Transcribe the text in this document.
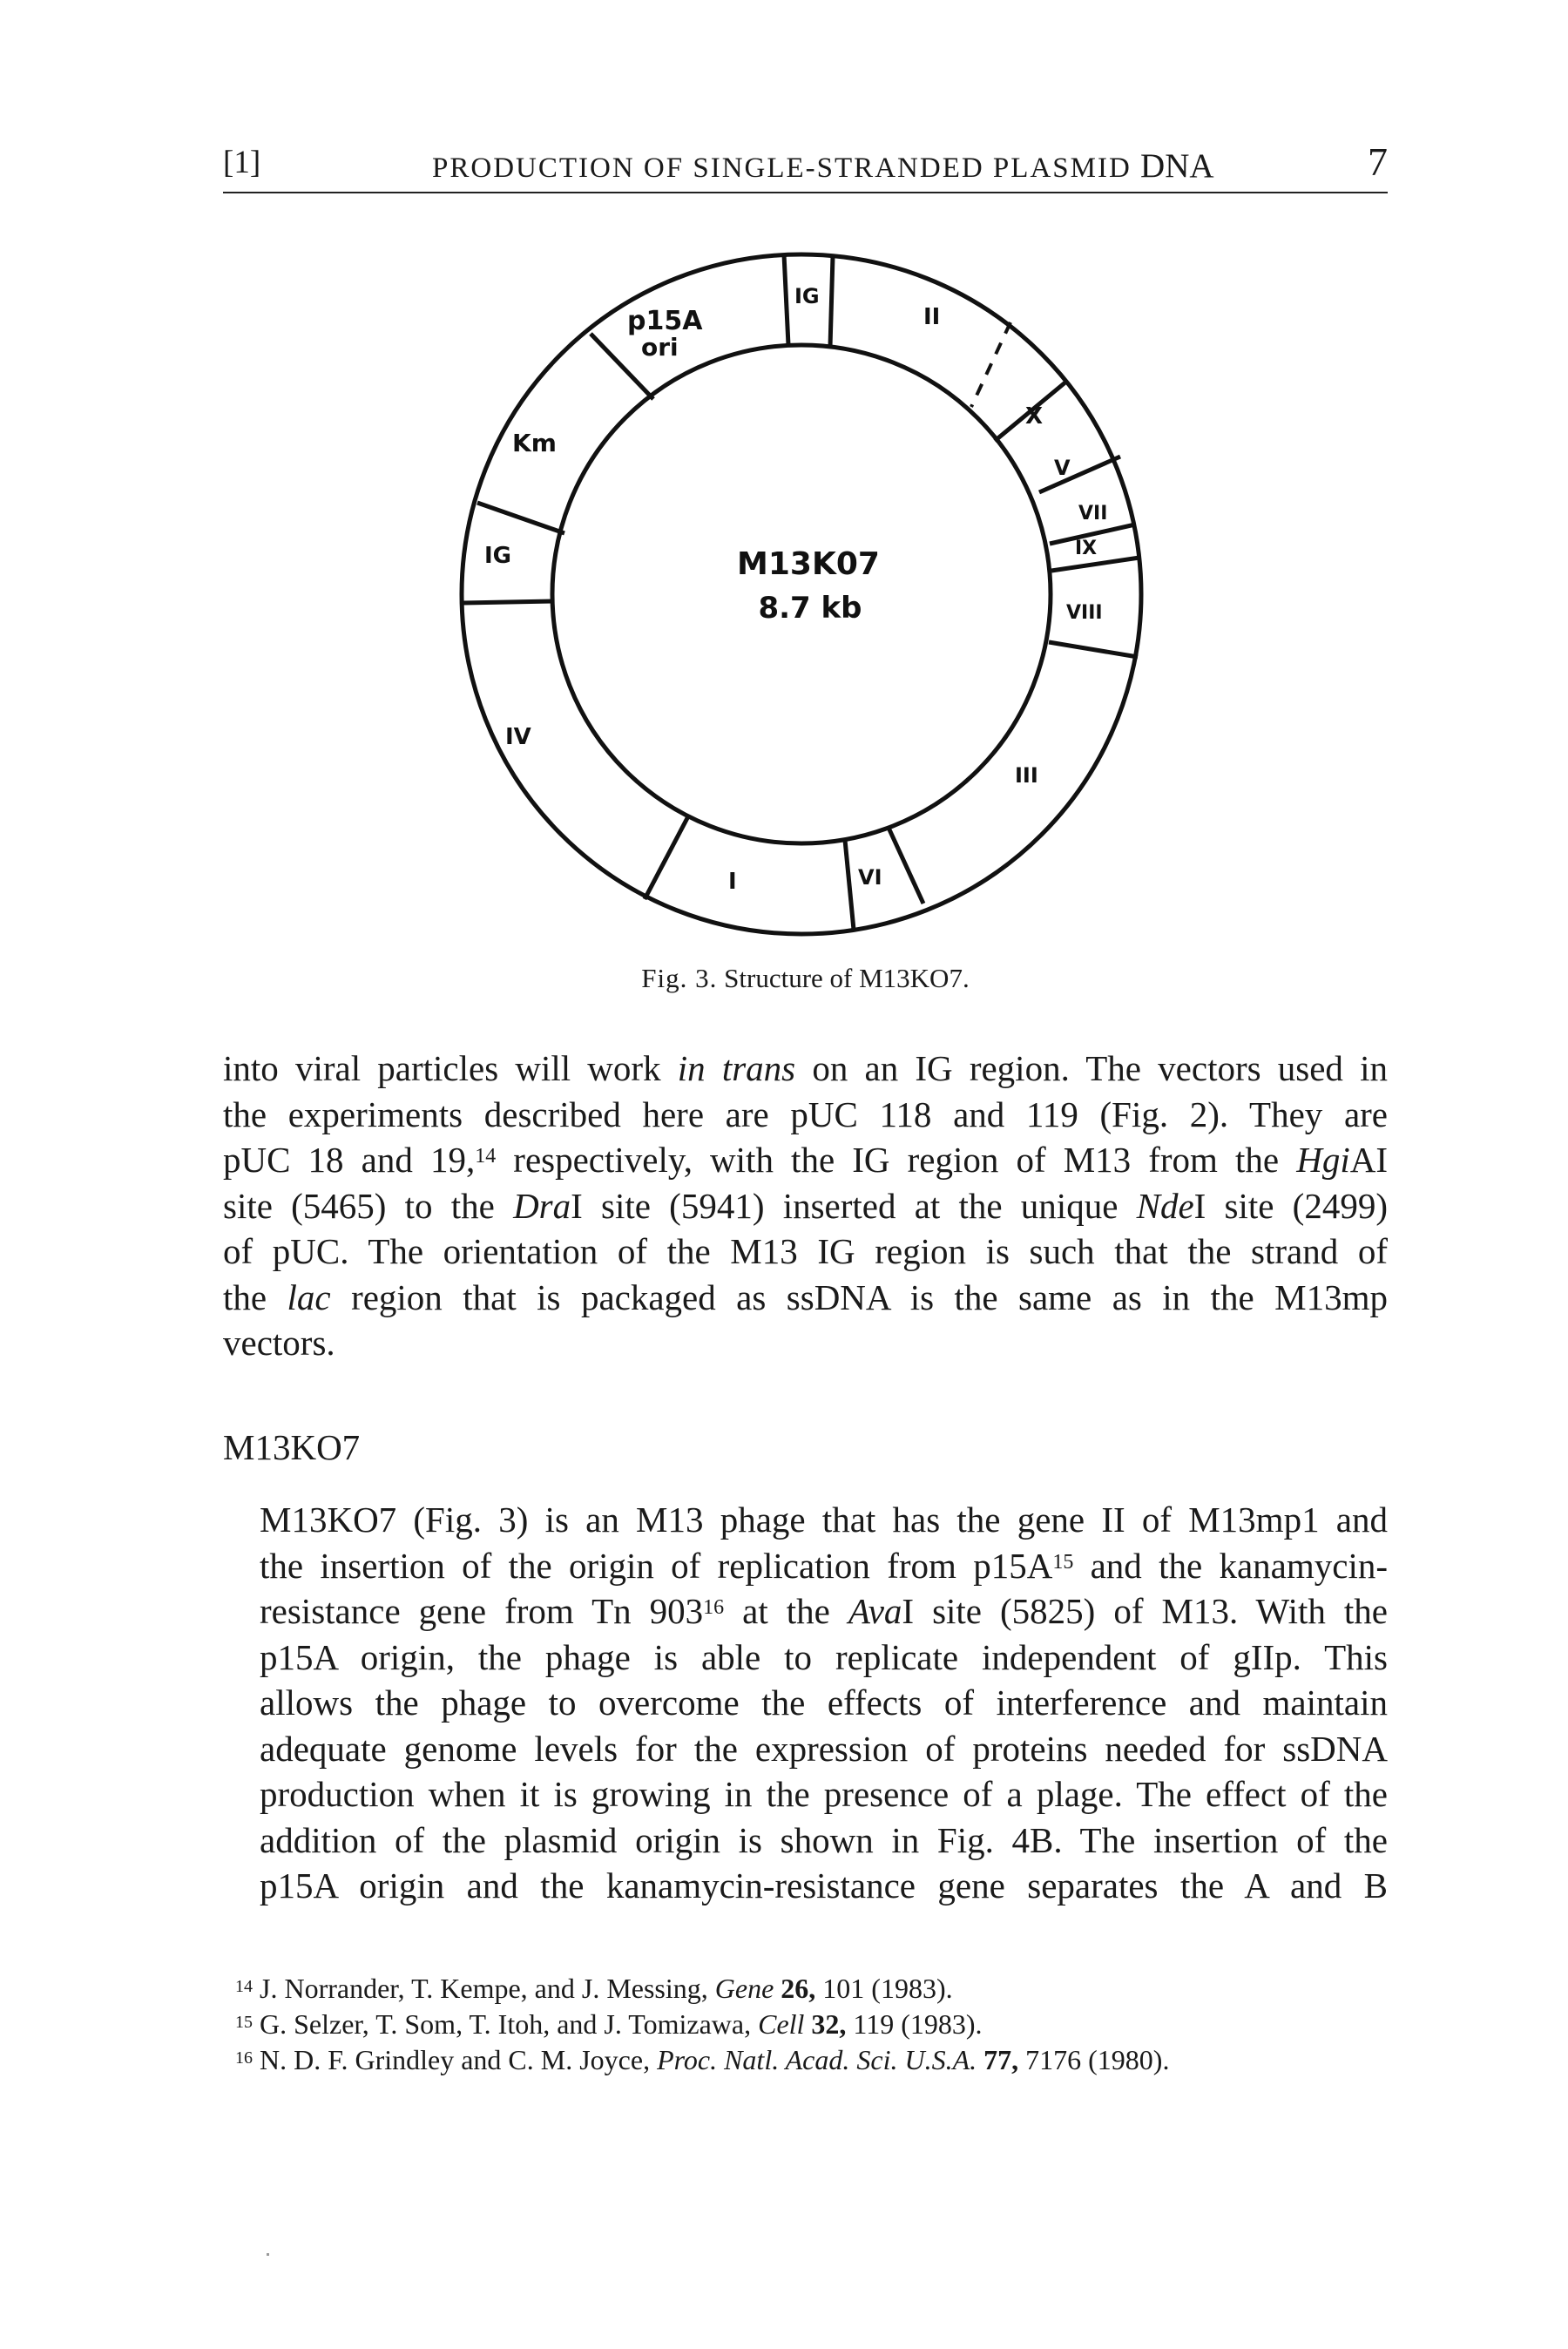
[1]	PRODUCTION OF SINGLE-STRANDED PLASMID DNA	7
p15A
ori
IG
II
X
V
VII
IX
VIII
III
VI
I
IV
IG
Km
M13K07
8.7 kb
Fig. 3. Structure of M13KO7.
into viral particles will work in trans on an IG region. The vectors used in
the experiments described here are pUC 118 and 119 (Fig. 2). They are
pUC 18 and 19,14 respectively, with the IG region of M13 from the HgiAI
site (5465) to the DraI site (5941) inserted at the unique NdeI site (2499)
of pUC. The orientation of the M13 IG region is such that the strand of
the lac region that is packaged as ssDNA is the same as in the M13mp
vectors.
M13KO7
M13KO7 (Fig. 3) is an M13 phage that has the gene II of M13mp1 and
the insertion of the origin of replication from $p15A^{15}$ and the kanamycin-
resistance gene from Tn $903^{16}$ at the AvaI site (5825) of M13. With the
p15A origin, the phage is able to replicate independent of gIIp. This
allows the phage to overcome the effects of interference and maintain
adequate genome levels for the expression of proteins needed for ssDNA
production when it is growing in the presence of a plage. The effect of the
addition of the plasmid origin is shown in Fig. 4B. The insertion of the
p15A origin and the kanamycin-resistance gene separates the A and B
$^{14}$ J. Norrander, T. Kempe, and J. Messing, Gene 26, 101 (1983).
$^{15}$ G. Selzer, T. Som, T. Itoh, and J. Tomizawa, Cell 32, 119 (1983).
$^{16}$ N. D. F. Grindley and C. M. Joyce, Proc. Natl. Acad. Sci. U.S.A. 77, 7176 (1980).
